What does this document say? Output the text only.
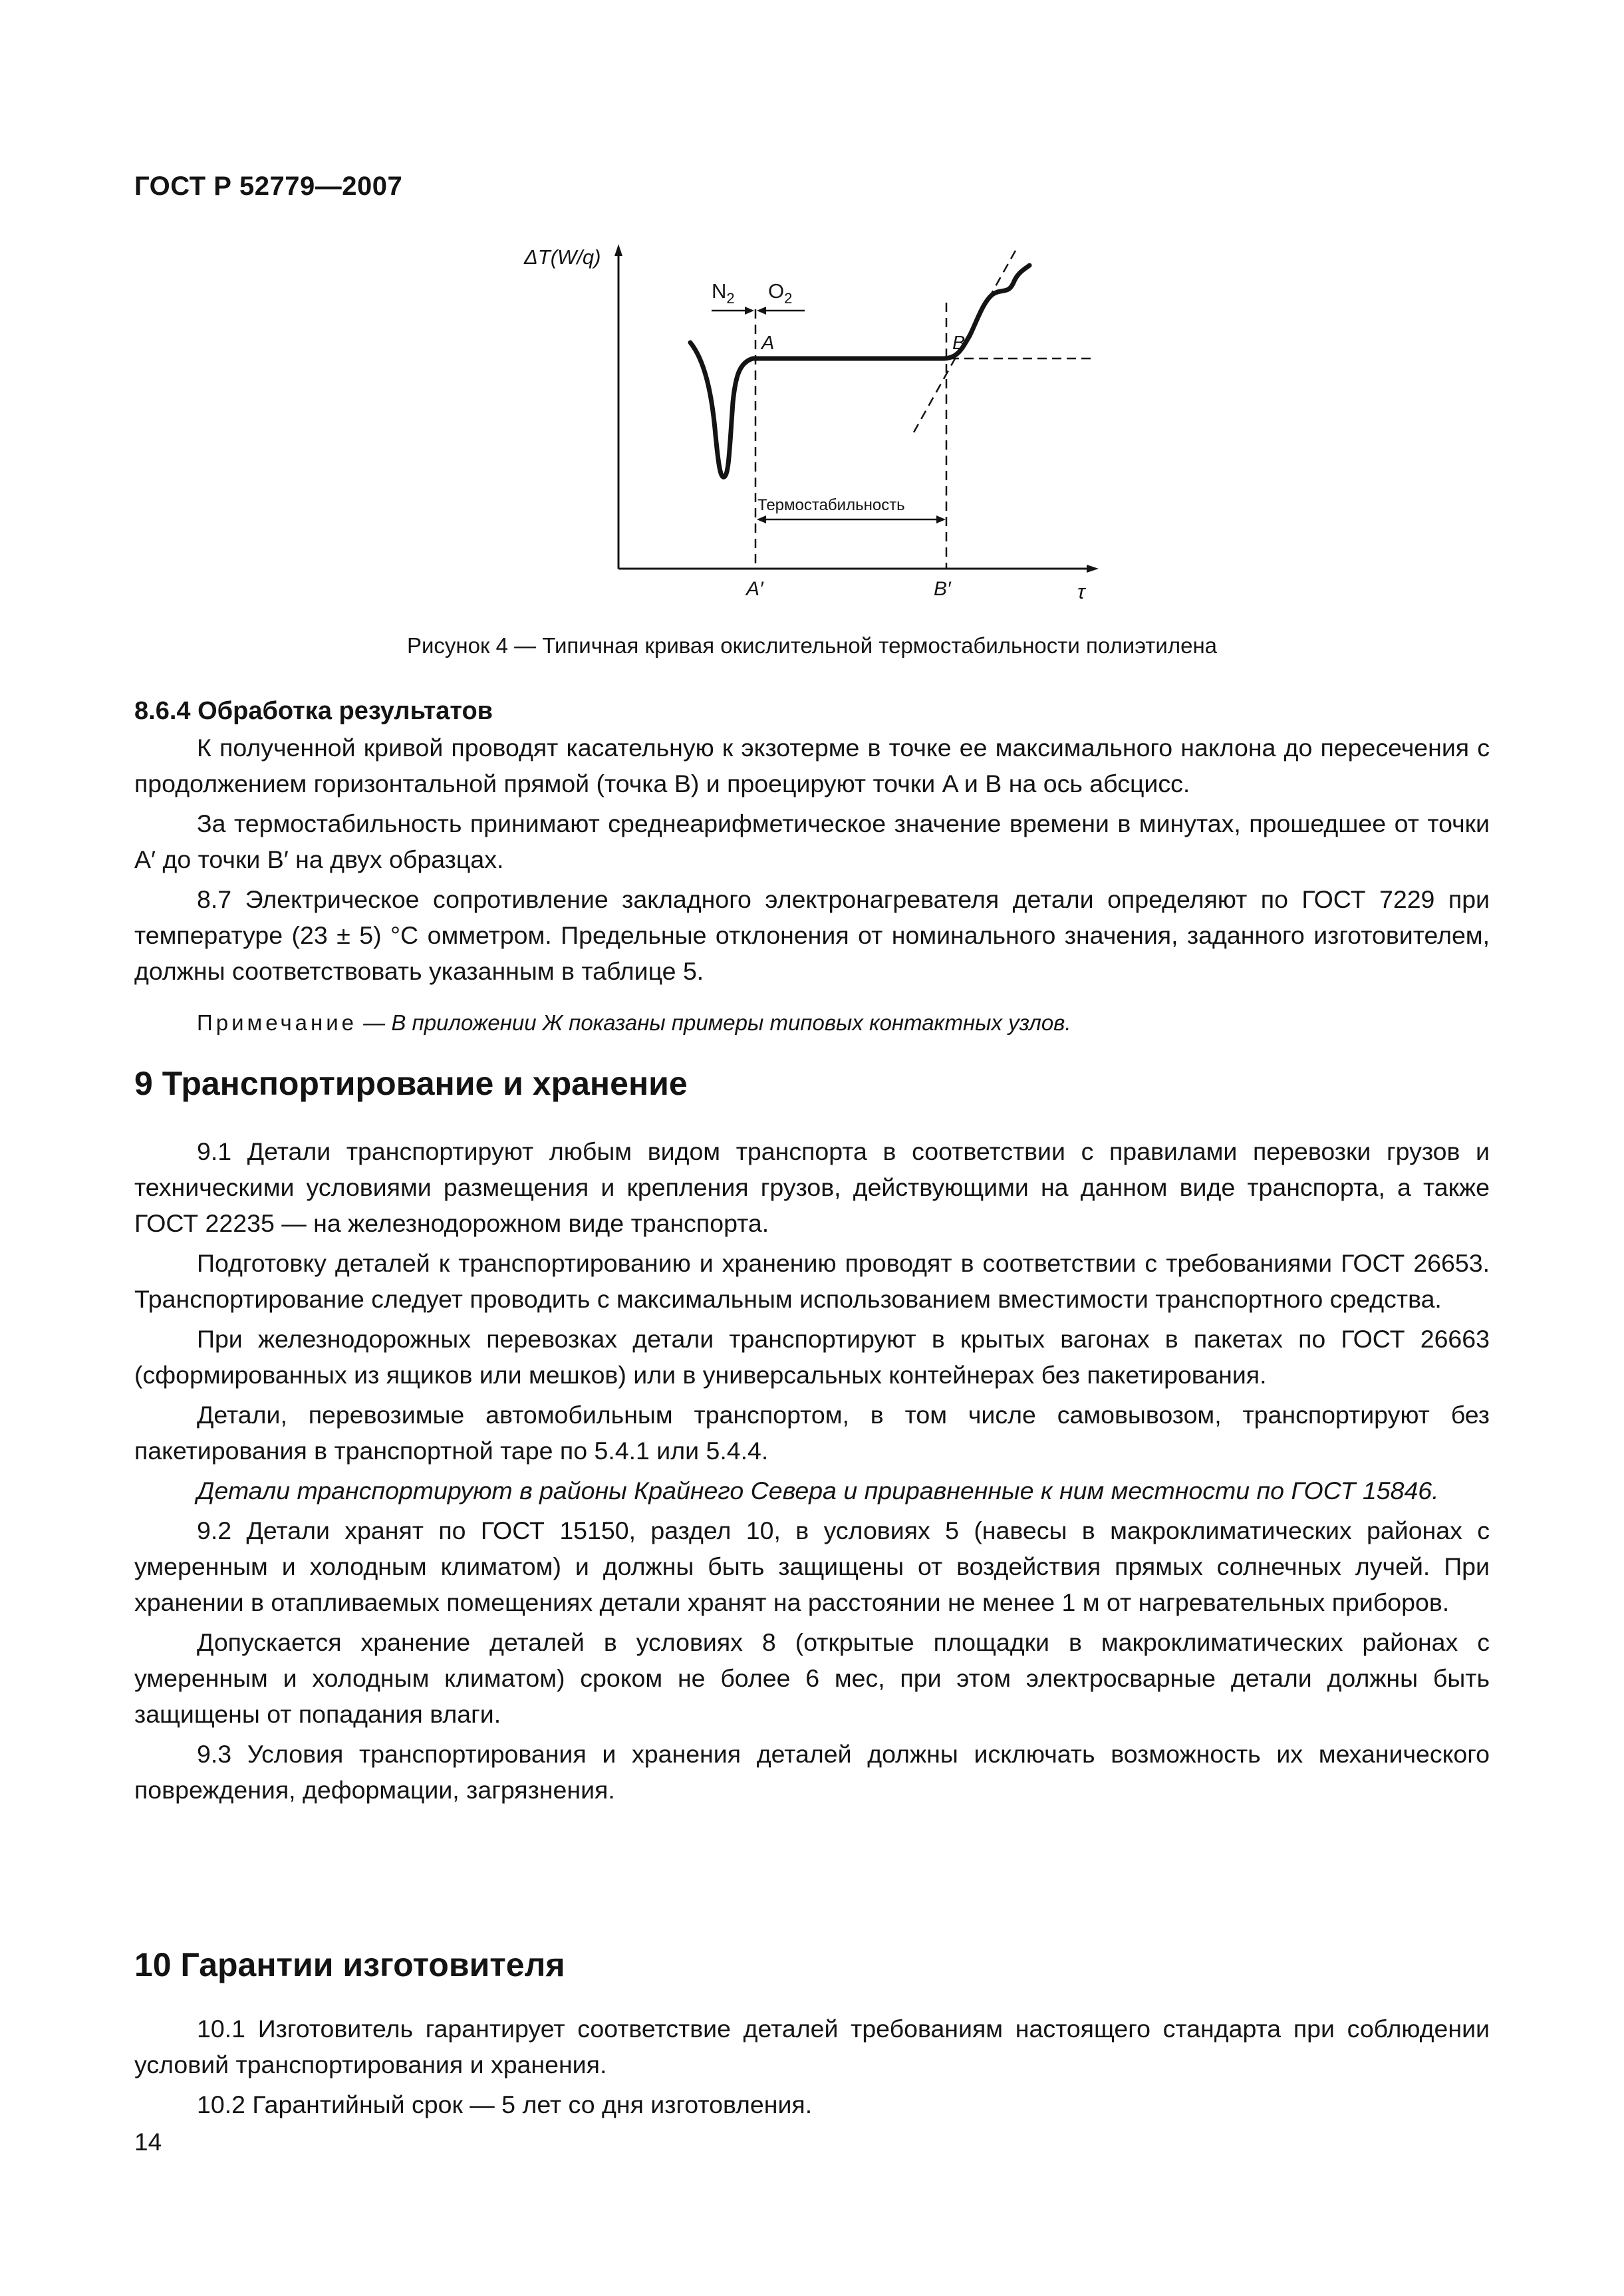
ГОСТ Р 52779—2007
ΔT(W/q)
τ
$N_2$ $O_2$
A	B
Термостабильность
A′	B′
Рисунок 4 — Типичная кривая окислительной термостабильности полиэтилена
8.6.4 Обработка результатов

К полученной кривой проводят касательную к экзотерме в точке ее максимального наклона до пересечения с продолжением горизонтальной прямой (точка B) и проецируют точки A и B на ось абсцисс.

За термостабильность принимают среднеарифметическое значение времени в минутах, прошедшее от точки A′ до точки B′ на двух образцах.

8.7 Электрическое сопротивление закладного электронагревателя детали определяют по ГОСТ 7229 при температуре (23 ± 5) °С омметром. Предельные отклонения от номинального значения, заданного изготовителем, должны соответствовать указанным в таблице 5.

Примечание — В приложении Ж показаны примеры типовых контактных узлов.

9 Транспортирование и хранение

9.1 Детали транспортируют любым видом транспорта в соответствии с правилами перевозки грузов и техническими условиями размещения и крепления грузов, действующими на данном виде транспорта, а также ГОСТ 22235 — на железнодорожном виде транспорта.

Подготовку деталей к транспортированию и хранению проводят в соответствии с требованиями ГОСТ 26653. Транспортирование следует проводить с максимальным использованием вместимости транспортного средства.

При железнодорожных перевозках детали транспортируют в крытых вагонах в пакетах по ГОСТ 26663 (сформированных из ящиков или мешков) или в универсальных контейнерах без пакетирования.

Детали, перевозимые автомобильным транспортом, в том числе самовывозом, транспортируют без пакетирования в транспортной таре по 5.4.1 или 5.4.4.

Детали транспортируют в районы Крайнего Севера и приравненные к ним местности по ГОСТ 15846.

9.2 Детали хранят по ГОСТ 15150, раздел 10, в условиях 5 (навесы в макроклиматических районах с умеренным и холодным климатом) и должны быть защищены от воздействия прямых солнечных лучей. При хранении в отапливаемых помещениях детали хранят на расстоянии не менее 1 м от нагревательных приборов.

Допускается хранение деталей в условиях 8 (открытые площадки в макроклиматических районах с умеренным и холодным климатом) сроком не более 6 мес, при этом электросварные детали должны быть защищены от попадания влаги.

9.3 Условия транспортирования и хранения деталей должны исключать возможность их механического повреждения, деформации, загрязнения.

10 Гарантии изготовителя

10.1 Изготовитель гарантирует соответствие деталей требованиям настоящего стандарта при соблюдении условий транспортирования и хранения.

10.2 Гарантийный срок — 5 лет со дня изготовления.

14
